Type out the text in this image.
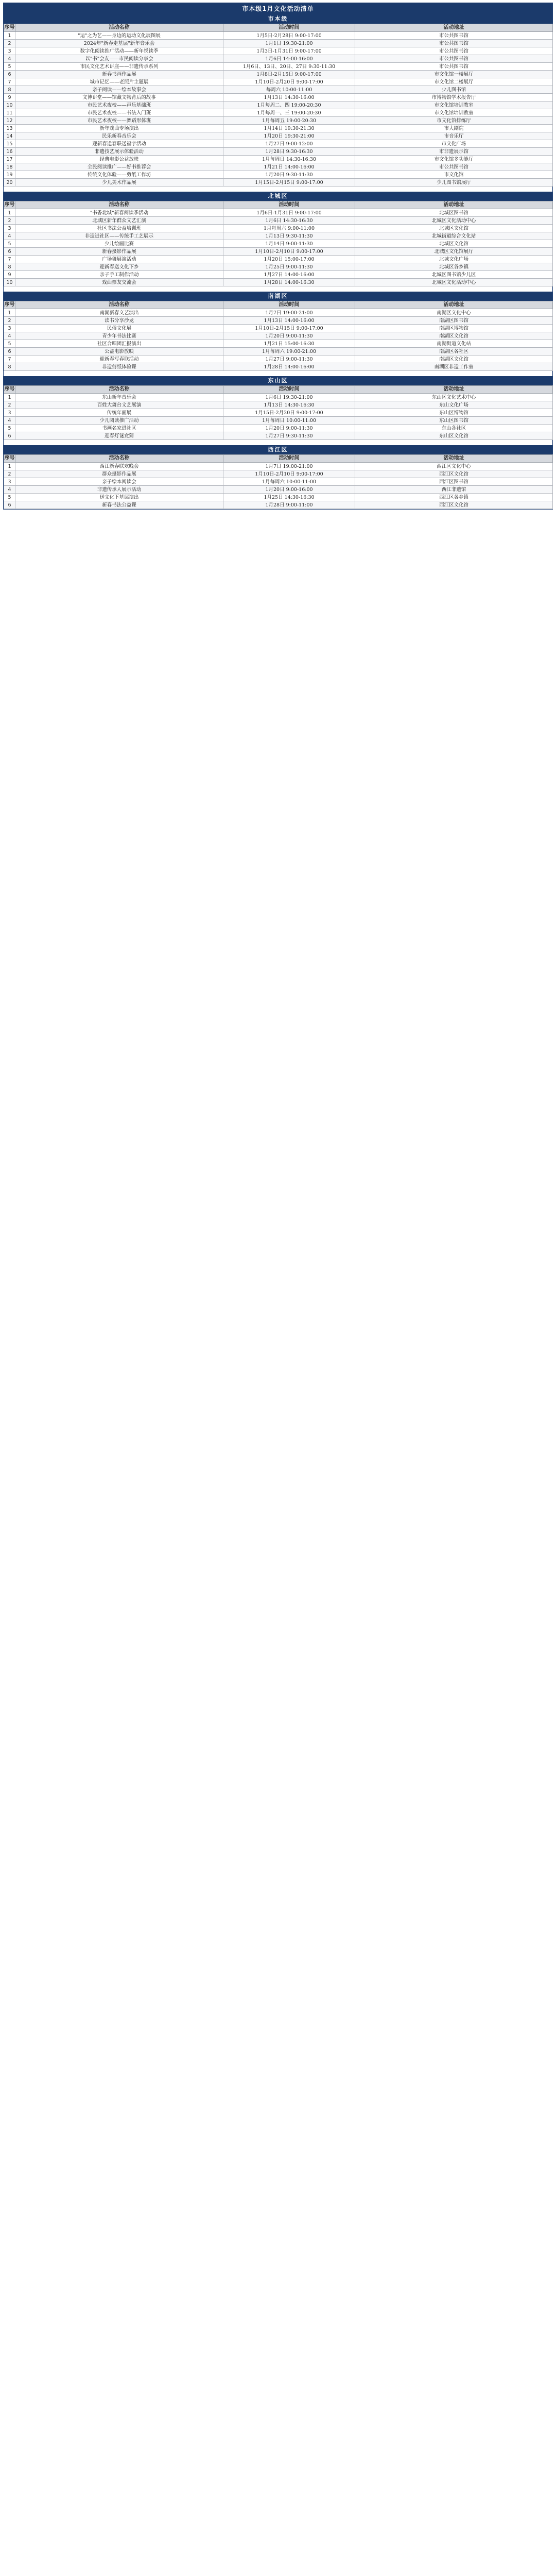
市本级1月文化活动清单
市本级
序号	活动名称	活动时间	活动地址
1	"运"之为艺——身边的运动文化展图展	1月5日-2月28日 9:00-17:00	市公共图书馆
2	2024年"新春走基层"新年音乐会	1月1日 19:30-21:00	市公共图书馆
3	数字化阅读推广活动——新年悦读季	1月3日-1月31日 9:00-17:00	市公共图书馆
4	以"书"会友——市民阅读分享会	1月6日 14:00-16:00	市公共图书馆
5	市民文化艺术讲座——非遗传承系列	1月6日、13日、20日、27日 9:30-11:30	市公共图书馆
6	新春书画作品展	1月8日-2月15日 9:00-17:00	市文化馆一楼展厅
7	城市记忆——老照片主题展	1月10日-2月20日 9:00-17:00	市文化馆二楼展厅
8	亲子阅读——绘本故事会	每周六 10:00-11:00	少儿图书馆
9	文博讲堂——馆藏文物背后的故事	1月13日 14:30-16:00	市博物馆学术报告厅
10	市民艺术夜校——声乐基础班	1月每周二、四 19:00-20:30	市文化馆培训教室
11	市民艺术夜校——书法入门班	1月每周一、三 19:00-20:30	市文化馆培训教室
12	市民艺术夜校——舞蹈形体班	1月每周五 19:00-20:30	市文化馆排练厅
13	新年戏曲专场演出	1月14日 19:30-21:30	市大剧院
14	民乐新春音乐会	1月20日 19:30-21:00	市音乐厅
15	迎新春送春联送福字活动	1月27日 9:00-12:00	市文化广场
16	非遗技艺展示体验活动	1月28日 9:30-16:30	市非遗展示馆
17	经典电影公益放映	1月每周日 14:30-16:30	市文化馆多功能厅
18	全民阅读推广——好书推荐会	1月21日 14:00-16:00	市公共图书馆
19	传统文化体验——剪纸工作坊	1月20日 9:30-11:30	市文化馆
20	少儿美术作品展	1月15日-2月15日 9:00-17:00	少儿图书馆展厅
北城区
序号	活动名称	活动时间	活动地址
1	"书香北城"新春阅读季活动	1月6日-1月31日 9:00-17:00	北城区图书馆
2	北城区新年群众文艺汇演	1月6日 14:30-16:30	北城区文化活动中心
3	社区书法公益培训班	1月每周六 9:00-11:00	北城区文化馆
4	非遗进社区——传统手工艺展示	1月13日 9:30-11:30	北城街道综合文化站
5	少儿绘画比赛	1月14日 9:00-11:30	北城区文化馆
6	新春摄影作品展	1月10日-2月10日 9:00-17:00	北城区文化馆展厅
7	广场舞展演活动	1月20日 15:00-17:00	北城文化广场
8	迎新春送文化下乡	1月25日 9:00-11:30	北城区各乡镇
9	亲子手工制作活动	1月27日 14:00-16:00	北城区图书馆少儿区
10	戏曲票友交流会	1月28日 14:00-16:30	北城区文化活动中心
南湖区
序号	活动名称	活动时间	活动地址
1	南湖新春文艺演出	1月7日 19:00-21:00	南湖区文化中心
2	读书分享沙龙	1月13日 14:00-16:00	南湖区图书馆
3	民俗文化展	1月10日-2月15日 9:00-17:00	南湖区博物馆
4	青少年书法比赛	1月20日 9:00-11:30	南湖区文化馆
5	社区合唱团汇报演出	1月21日 15:00-16:30	南湖街道文化站
6	公益电影放映	1月每周六 19:00-21:00	南湖区各社区
7	迎新春写春联活动	1月27日 9:00-11:30	南湖区文化馆
8	非遗剪纸体验课	1月28日 14:00-16:00	南湖区非遗工作室
东山区
序号	活动名称	活动时间	活动地址
1	东山新年音乐会	1月6日 19:30-21:00	东山区文化艺术中心
2	百姓大舞台文艺展演	1月13日 14:30-16:30	东山文化广场
3	传统年画展	1月15日-2月20日 9:00-17:00	东山区博物馆
4	少儿阅读推广活动	1月每周日 10:00-11:00	东山区图书馆
5	书画名家进社区	1月20日 9:00-11:30	东山各社区
6	迎春灯谜竞猜	1月27日 9:30-11:30	东山区文化馆
西江区
序号	活动名称	活动时间	活动地址
1	西江新春联欢晚会	1月7日 19:00-21:00	西江区文化中心
2	群众摄影作品展	1月10日-2月10日 9:00-17:00	西江区文化馆
3	亲子绘本阅读会	1月每周六 10:00-11:00	西江区图书馆
4	非遗传承人展示活动	1月20日 9:00-16:00	西江非遗馆
5	送文化下基层演出	1月25日 14:30-16:30	西江区各乡镇
6	新春书法公益课	1月28日 9:00-11:00	西江区文化馆
